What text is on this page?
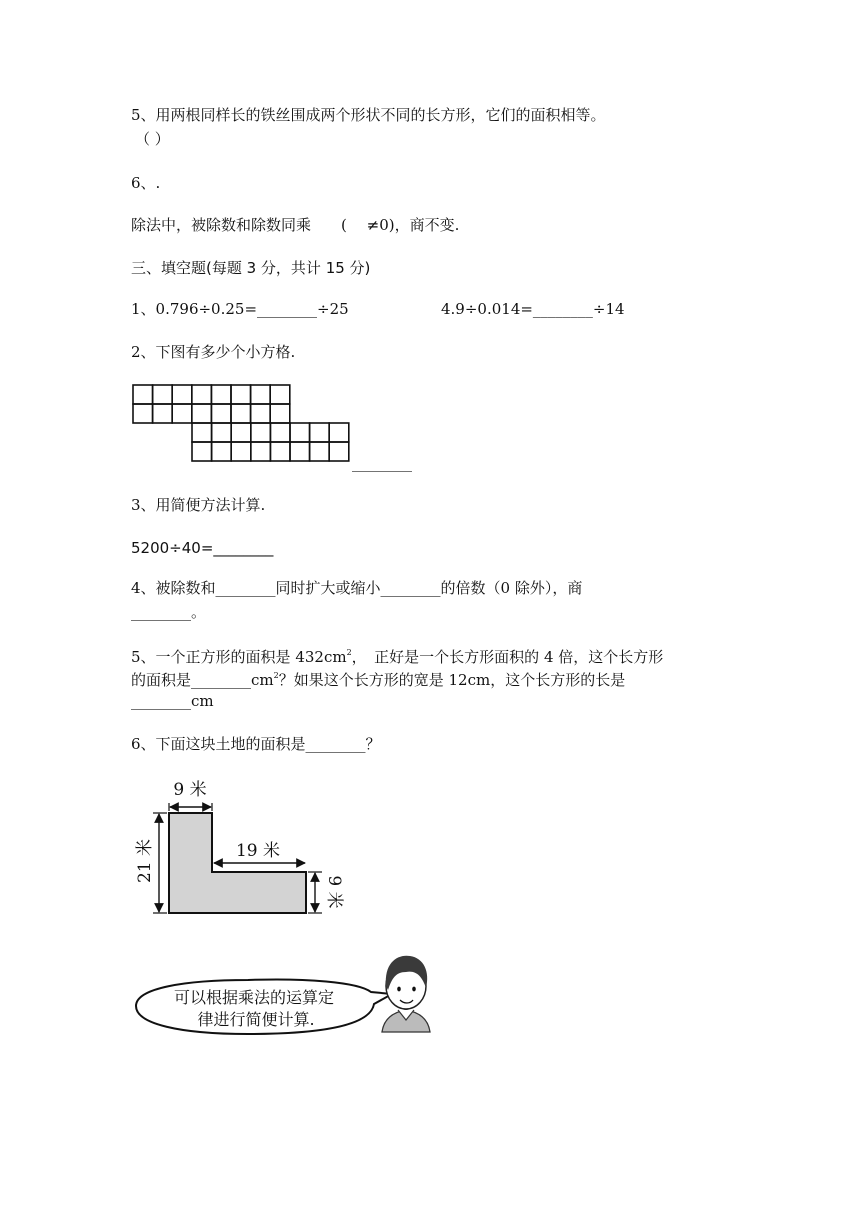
5、用两根同样长的铁丝围成两个形状不同的长方形，它们的面积相等。
（ ）
6、.
除法中，被除数和除数同乘　　(　 ≠0)，商不变.
三、填空题(每题 3 分，共计 15 分)
1、0.796÷0.25=________÷25	4.9÷0.014=________÷14
2、下图有多少个小方格.
________
3、用简便方法计算.
5200÷40=________
4、被除数和________同时扩大或缩小________的倍数（0 除外），商
________。
5、一个正方形的面积是 $432cm^2$，　正好是一个长方形面积的 4 倍，这个长方形
的面积是$\_\_\_\_\_\_\_\_cm^2$？如果这个长方形的宽是 12cm，这个长方形的长是
________cm
6、下面这块土地的面积是________？
9 米
21 米	19 米
9 米
可以根据乘法的运算定
律进行简便计算.
